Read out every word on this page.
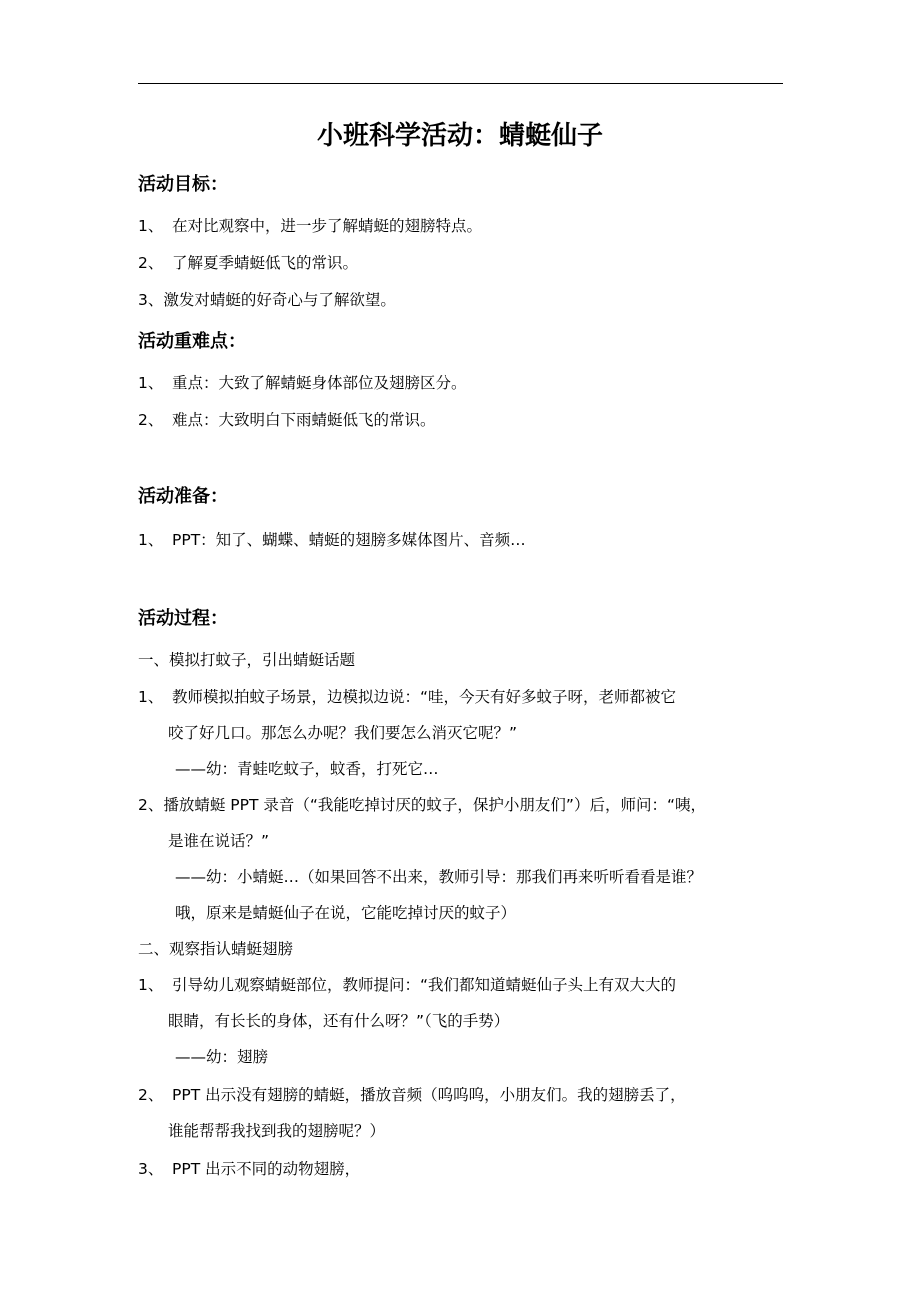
小班科学活动：蜻蜓仙子
活动目标：
1、 在对比观察中，进一步了解蜻蜓的翅膀特点。
2、 了解夏季蜻蜓低飞的常识。
3、激发对蜻蜓的好奇心与了解欲望。
活动重难点：
1、 重点：大致了解蜻蜓身体部位及翅膀区分。
2、 难点：大致明白下雨蜻蜓低飞的常识。
活动准备：
1、 PPT：知了、蝴蝶、蜻蜓的翅膀多媒体图片、音频…
活动过程：
一、模拟打蚊子，引出蜻蜓话题
1、 教师模拟拍蚊子场景，边模拟边说：“哇，今天有好多蚊子呀，老师都被它
咬了好几口。那怎么办呢？我们要怎么消灭它呢？”
——幼：青蛙吃蚊子，蚊香，打死它…
2、播放蜻蜓 PPT 录音（“我能吃掉讨厌的蚊子，保护小朋友们”）后，师问：“咦，
是谁在说话？”
——幼：小蜻蜓…（如果回答不出来，教师引导：那我们再来听听看看是谁？
哦，原来是蜻蜓仙子在说，它能吃掉讨厌的蚊子）
二、观察指认蜻蜓翅膀
1、 引导幼儿观察蜻蜓部位，教师提问：“我们都知道蜻蜓仙子头上有双大大的
眼睛，有长长的身体，还有什么呀？”（飞的手势）
——幼：翅膀
2、 PPT 出示没有翅膀的蜻蜓，播放音频（呜呜呜，小朋友们。我的翅膀丢了，
谁能帮帮我找到我的翅膀呢？）
3、 PPT 出示不同的动物翅膀，
